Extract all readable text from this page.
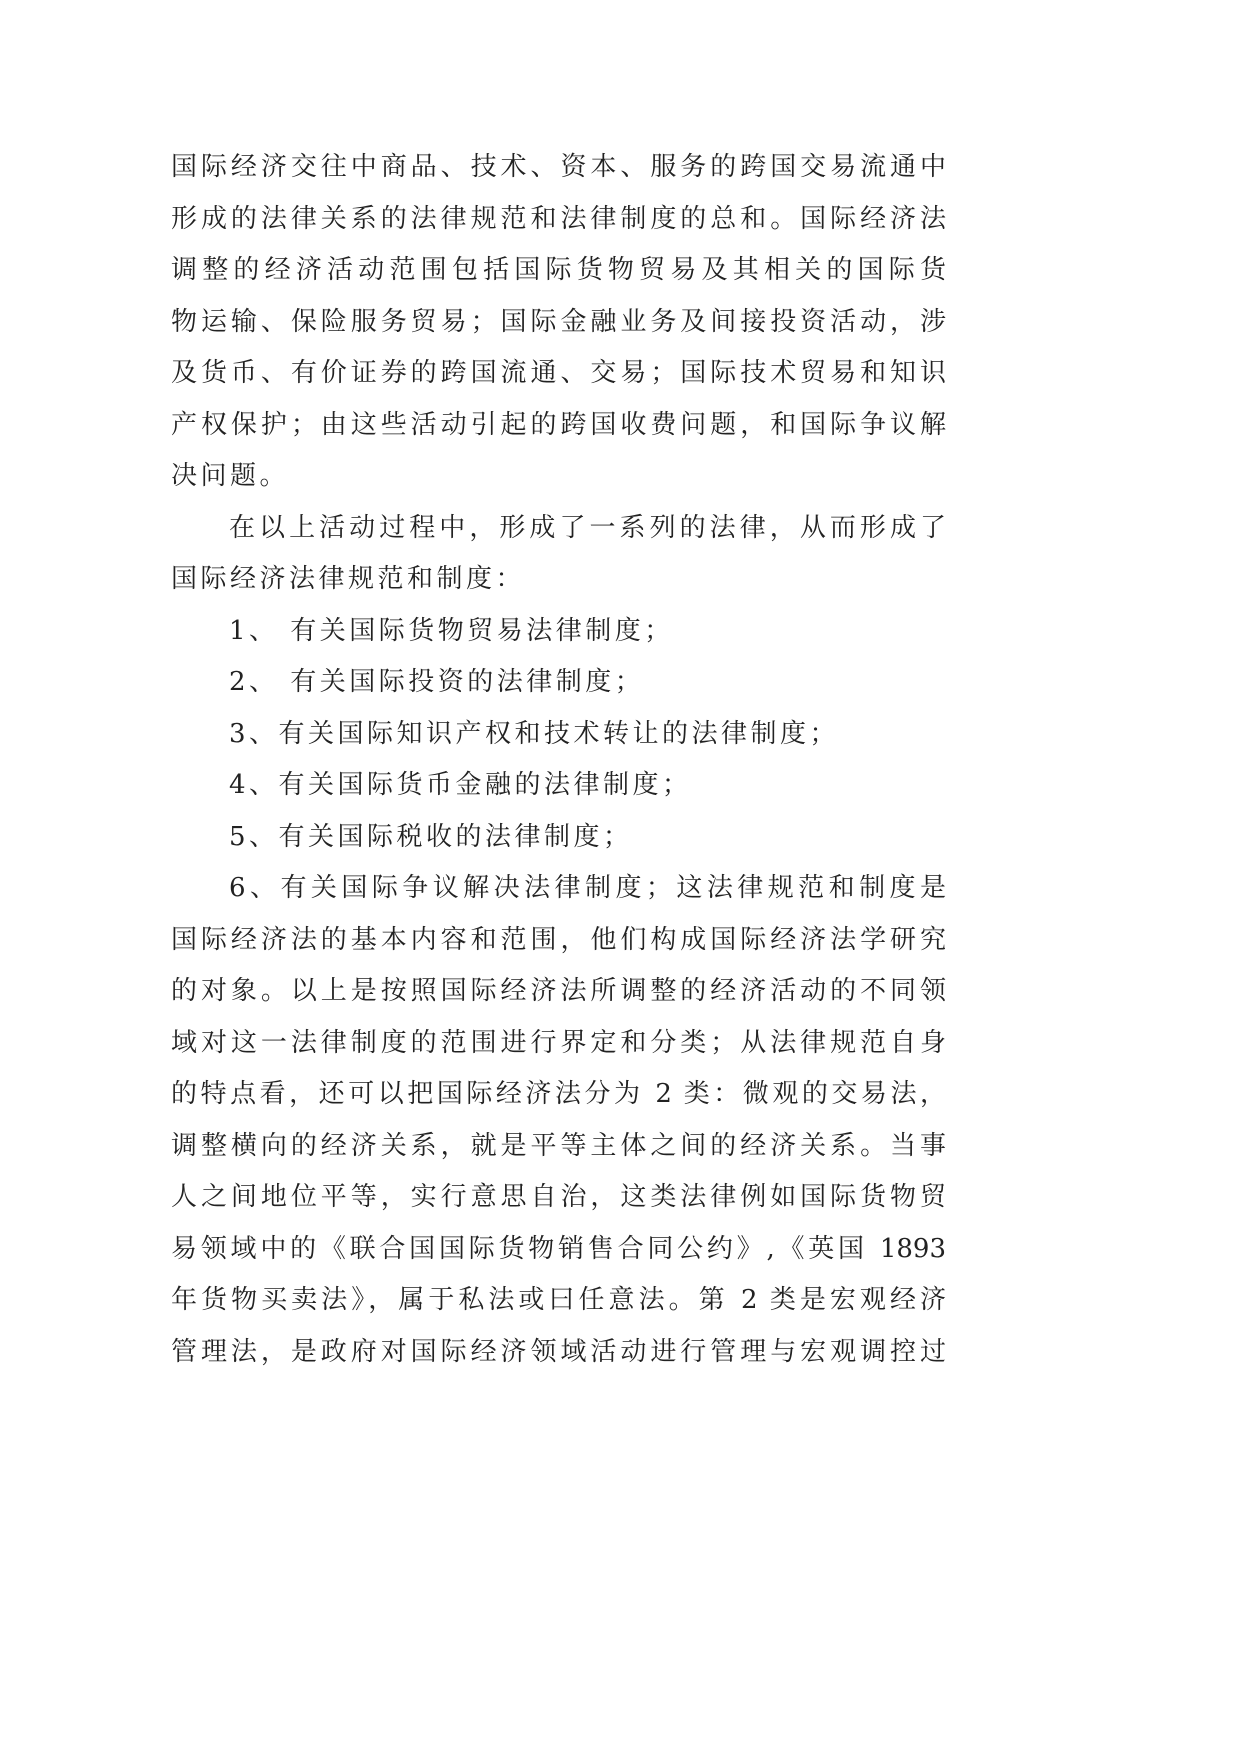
国际经济交往中商品、技术、资本、服务的跨国交易流通中
形成的法律关系的法律规范和法律制度的总和。国际经济法
调整的经济活动范围包括国际货物贸易及其相关的国际货
物运输、保险服务贸易；国际金融业务及间接投资活动，涉
及货币、有价证券的跨国流通、交易；国际技术贸易和知识
产权保护；由这些活动引起的跨国收费问题，和国际争议解
决问题。
在以上活动过程中，形成了一系列的法律，从而形成了
国际经济法律规范和制度：
1、 有关国际货物贸易法律制度；
2、 有关国际投资的法律制度；
3、有关国际知识产权和技术转让的法律制度；
4、有关国际货币金融的法律制度；
5、有关国际税收的法律制度；
6、有关国际争议解决法律制度；这法律规范和制度是
国际经济法的基本内容和范围，他们构成国际经济法学研究
的对象。以上是按照国际经济法所调整的经济活动的不同领
域对这一法律制度的范围进行界定和分类；从法律规范自身
的特点看，还可以把国际经济法分为 2 类：微观的交易法，
调整横向的经济关系，就是平等主体之间的经济关系。当事
人之间地位平等，实行意思自治，这类法律例如国际货物贸
易领域中的《联合国国际货物销售合同公约》,《英国 1893
年货物买卖法》，属于私法或曰任意法。第 2 类是宏观经济
管理法，是政府对国际经济领域活动进行管理与宏观调控过
